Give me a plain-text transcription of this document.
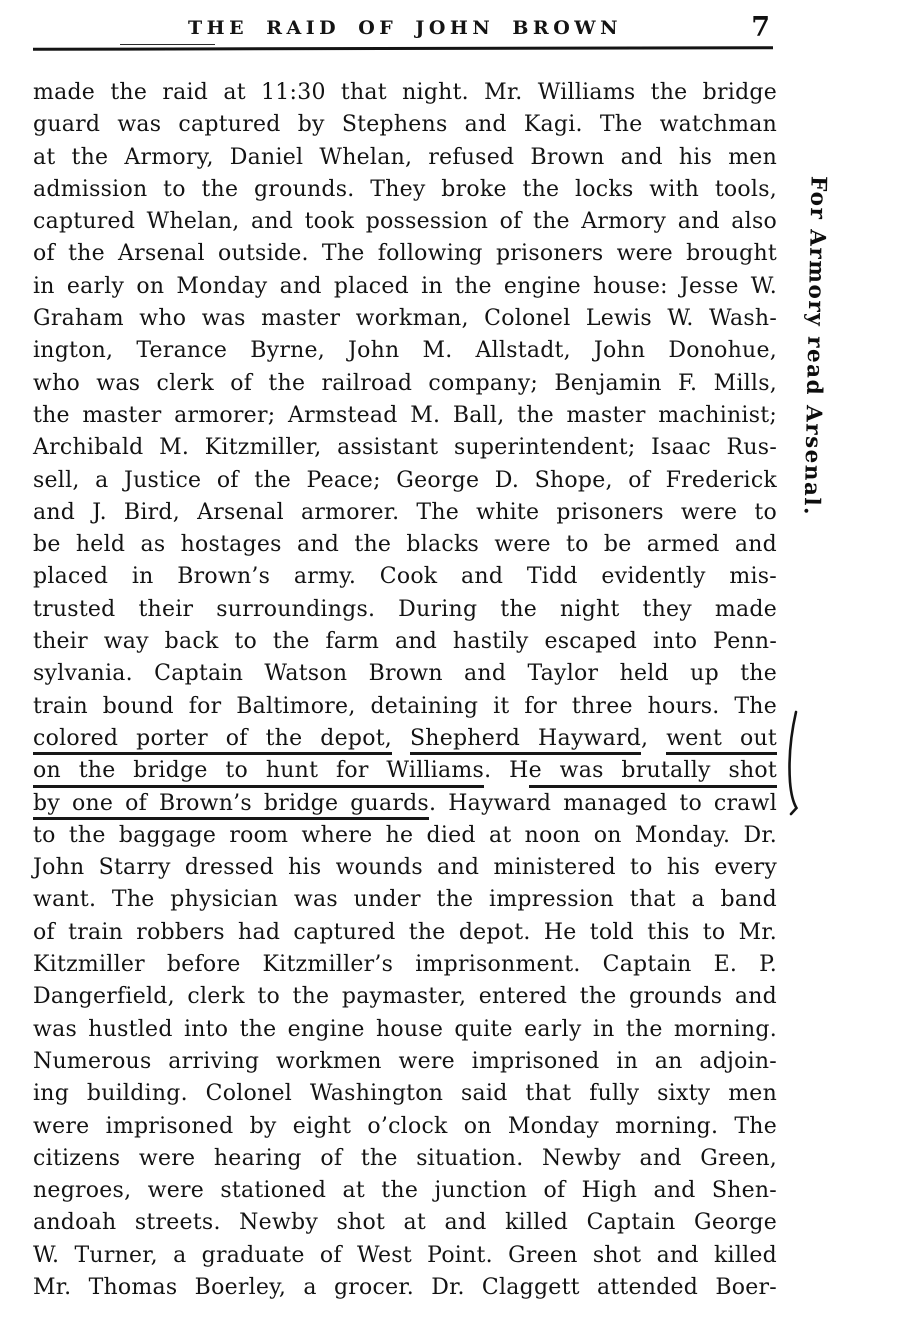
THE RAID OF JOHN BROWN	7
made the raid at 11:30 that night. Mr. Williams the bridge
guard was captured by Stephens and Kagi. The watchman
at the Armory, Daniel Whelan, refused Brown and his men
admission to the grounds. They broke the locks with tools,
captured Whelan, and took possession of the Armory and also
of the Arsenal outside. The following prisoners were brought
in early on Monday and placed in the engine house: Jesse W.
Graham who was master workman, Colonel Lewis W. Wash-
ington, Terance Byrne, John M. Allstadt, John Donohue,
who was clerk of the railroad company; Benjamin F. Mills,
the master armorer; Armstead M. Ball, the master machinist;
Archibald M. Kitzmiller, assistant superintendent; Isaac Rus-
sell, a Justice of the Peace; George D. Shope, of Frederick
and J. Bird, Arsenal armorer. The white prisoners were to
be held as hostages and the blacks were to be armed and
placed in Brown’s army. Cook and Tidd evidently mis-
trusted their surroundings. During the night they made
their way back to the farm and hastily escaped into Penn-
sylvania. Captain Watson Brown and Taylor held up the
train bound for Baltimore, detaining it for three hours. The
colored porter of the depot, Shepherd Hayward, went out
on the bridge to hunt for Williams. He was brutally shot
by one of Brown’s bridge guards. Hayward managed to crawl
to the baggage room where he died at noon on Monday. Dr.
John Starry dressed his wounds and ministered to his every
want. The physician was under the impression that a band
of train robbers had captured the depot. He told this to Mr.
Kitzmiller before Kitzmiller’s imprisonment. Captain E. P.
Dangerfield, clerk to the paymaster, entered the grounds and
was hustled into the engine house quite early in the morning.
Numerous arriving workmen were imprisoned in an adjoin-
ing building. Colonel Washington said that fully sixty men
were imprisoned by eight o’clock on Monday morning. The
citizens were hearing of the situation. Newby and Green,
negroes, were stationed at the junction of High and Shen-
andoah streets. Newby shot at and killed Captain George
W. Turner, a graduate of West Point. Green shot and killed
Mr. Thomas Boerley, a grocer. Dr. Claggett attended Boer-
For Armory read Arsenal.
